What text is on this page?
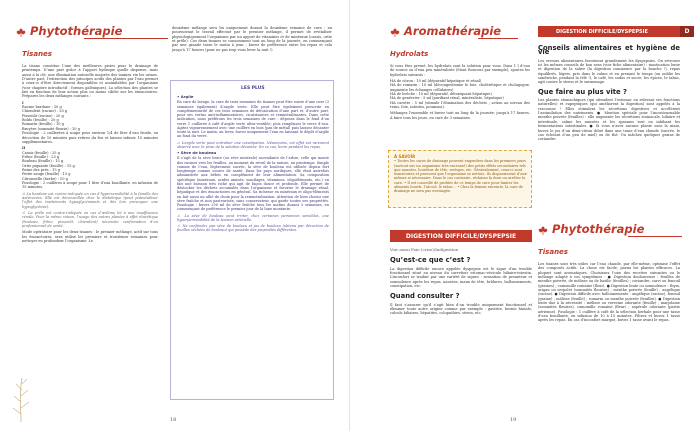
Phytothérapie
Tisanes

La tisane constitue l’une des meilleures pistes pour le drainage de printemps. D’une part grâce à l’apport hydrique quelle dispense, mais aussi à la clé, une élimination naturelle majorée des toxines via les urines. D’autre part, l’extraction des principes actifs des plantes par l’eau permet à ceux-ci d’être directement disponibles et assimilables par l’organisme (voir chapitre introductif : formes galéniques). La sélection des plantes se fait en fonction de leur action plus ou moins ciblée sur les émonctoires. Préparez les deux mélanges suivants :

I

Racine bardane : 30 g

Chiendent (racine) : 20 g

Pissenlit (racine) : 20 g

Boldo (feuille) : 20 g

Romarin (feuille) : 10 g

Bruyère (sommité fleurie) : 10 g

Posologie : 2 cuillerées à soupe pour environ 1/4 de litre d’eau froide, en décoction de 10 minutes puis retirez du feu et laissez infuser 10 minutes supplémentaires.

II

Cassis (feuille) : 25 g

Frêne (feuille) : 25 g

Bouleau (feuille) : 15 g

Ortie piquante (feuille) : 15 g

Reine des prés : 15 g

Petite sauge (feuille) : 15 g

Citronnelle (herbe) : 10 g

Posologie : 2 cuillères à soupe pour 1 litre d’eau bouillante, en infusion de 15 minutes.

⚠ La bardane est contre-indiquée en cas d’hypersensibilité à la famille des Astéracées. Elle est déconseillée chez le diabétique (peut potentialiser l’effet des traitements hypoglycémiants et dès lors provoquer une hypoglycémie).

⚠ La prêle est contre-indiquée en cas d’œdème lié à une insuffisance rénale. Pour la même raison, l’usage des autres plantes à effet diurétique (bouleau, frêne, pissenlit, chiendent) nécessite confirmation d’un professionnel de santé.

Mode opératoire pour les deux tisanes : le premier mélange, actif sur tous les émonctoires, sera utilisé les premiers et troisièmes semaines pour nettoyer en profondeur l’organisme. Le

deuxième mélange sera bu uniquement durant la deuxième semaine de cure : en poursuivant le travail effectué par le premier mélange, il permet de revitaliser physiologiquement l’organisme par un apport de vitamines et de minéraux (cassis, ortie et prêle). Ces deux tisanes se consomment tout au long de la journée, en commençant par une grande tasse le matin à jeun ; buvez de préférence entre les repas et cela jusqu’à 17 heures (pour ne pas trop vous lever la nuit !)
LES PLUS
• Argile

En cure de lavage, la cure de trois semaines de tisanes peut être suivie d’une cure (3 semaines également) d’argile verte. Elle peut être également prescrite en complémentarité de ces trois semaines de détoxication d’une part et, d’autre part, pour ses vertus anti-inflammatoires, cicatrisantes et reminéralisantes. Dans cette indication, nous préférons les trois semaines de cure : déposez dans le fond d’un verre 1 cuillerée à café d’argile verte ultra-ventilée, puis remplissez le verre d’eau. Agitez vigoureusement avec une cuillère en bois (pas de métal) puis laissez décanter toute la nuit. Le matin, au lever, buvez uniquement l’eau en laissant le dépôt d’argile au fond du verre.

⚠ L’argile verte peut entraîner une constipation. Néanmoins, cet effet est rarement observé avec la prise de la solution décantée. En ce cas, boire pendant les repas.

• Sève de bouleau

Il s’agit de la sève brute (ou sève minérale) ascendante de l’arbre, celle qui monte des racines vers les feuilles, au moment du réveil de la nature, au printemps. Simple comme de l’eau, légèrement sucrée, la sève de bouleau est utilisée depuis fort longtemps comme source de santé. Dans les pays nordiques, elle était autrefois administrée aux bébés en complément de leur alimentation. Sa composition spécifique (minéraux, acides aminés, mucilages, vitamines, oligoéléments, etc.) en fait une boisson très riche qui agit de façon douce et profonde. Elle permet de déstocker les déchets accumulés dans l’organisme et favorise le drainage rénal, hépatique et des émonctoires en général. Sa richesse en minéraux et oligo-éléments en fait aussi un allié de choix pour la reminéralisation. Attention de bien choisir une sève fraîche et non pasteurisée, sans conservateur, qui garde toutes ses propriétés. Posologie : buvez 250 ml de sève fraîche tous les matins durant 3 semaines, en commençant de préférence le premier jour de la lune montante.

⚠ La sève de bouleau peut irriter, chez certaines personnes sensibles, une hyperperméabilité de la tension artérielle.

⚠ Ne confondez pas sève de bouleau et jus de bouleau (obtenu par décoction de feuilles séchées de bouleau) qui possède des propriétés différentes.

18
Aromathérapie	DIGESTION DIFFICILE/DYSPEPSIE	D
Hydrolats

Si vous êtes pressé, les hydrolats sont la solution pour vous. Dans 1 l d’eau de source ou d’eau peu minéralisée (Mont Roucous par exemple), ajoutez les hydrolats suivants :

HA de citron : 10 ml (dépuratif hépatique et rénal)

HA de romarin : 10 ml (décongestionne le foie, cholérétique et cholagogue, augmente les échanges cellulaires)

HA de livèche : 10 ml (dépuratif, détoxiquant hépatique)

HA de genévrier : 5 ml (purifiant rénal, minéraliste, hépatique)

HA carotte : 5 ml (stimule l’élimination des déchets ; action au niveau des reins, foie, intestin, poumons).

Mélangez l’ensemble et buvez tout au long de la journée, jusqu’à 17 heures. À faire tous les jours, en cure de 3 semaines.

À SAVOIR
• Toutes les cures de drainage peuvent engendrer dans les premiers jours (surtout sur un organisme très encrassé) des petits effets secondaires tels que nausées, lourdeur de tête, vertiges, etc. Généralement, ceux-ci sont transitoires et prouvent que l’organisme se nettoie. Ils disparaissent d’eux-mêmes si nécessaire. Dans le cas contraire, réduisez la dose ou arrêtez la cure. • Il est conseillé de profiter de ce temps de cure pour limiter les aliments lourds, l’alcool, le tabac... • Chez la femme enceinte, la cure de drainage ne sera pas envisagée.
DIGESTION DIFFICILE/DYSPEPSIE

Voir aussi Foie (crise)/Indigestion

Qu’est-ce que c’est ?

La digestion difficile encore appelée dyspepsie est le signe d’un trouble fonctionnel situé au niveau du carrefour estomac-vésicule biliaire-intestin. L’inconfort se traduit par une variété de signes : sensation de pesanteur et somnolence après les repas, nausées, maux de tête, brûlures, ballonnements, constipation, etc.

Quand consulter ?

Il faut s’assurer qu’il s’agit bien d’un trouble uniquement fonctionnel et éliminer toute autre origine comme par exemple : gastrite, hernie hiatale, calculs biliaires, hépatites, colopathies, stress, etc.

Conseils alimentaires et hygiène de vie

Les erreurs alimentaires favorisent grandement les dyspepsies. On retrouve ici les mêmes conseils de bon sens (voir fiche alimentaire) : mastication lente et digestion de la salive (la digestion commence par la bouche !), repas équilibrés, légers, pris dans le calme et en prenant le temps (on oublie les sandwichs, pendant la télé !), le café, les sodas et sucre, les épices, le tabac, agit contre le stress et le surmenage.

Que faire au plus vite ?

Les plantes stomachiques (qui stimulent l’estomac en relevant ses fonctions naturelles) et eupeptiques (qui améliorent la digestion) sont appelés à la rescousse ! Elles stimulent les sécrétions digestives et accélèrent l’assimilation des nutriments. ● Mention spéciale pour l’incontournable menthe poivrée (feuilles) : elle augmente les sécrétions stomacale, biliaire et intestinale, calme les nausées et les spasmes tout en inhibant les fermentations intestinales. ● Si vous n’avez aucune plante sous la main, buvez le jus d’un demi-citron dilué dans une tasse d’eau chaude (sucrée, le cas échéant d’un peu de miel) ou de thé. Ou mâchez quelques grains de coriandre.

Phytothérapie
Tisanes

Les tisanes sont très utiles car l’eau chaude, par elle-même, optimise l’effet des composés actifs. La chose est facile, parmi les plantes efficaces. La plupart sont aromatiques. Choisissez l’une des recettes suivantes ou le mélange adapté à vos symptômes : ● Digestion douloureuse : feuilles de menthe poivrée, de mélisse ou de basilic (feuilles) ; coriandre, carvi ou fenouil (graines) ; camomille romaine (fleur). ● Digestion lente ou somnolence : thym, origan ou serpolet (sommités fleuries) ; menthe poivrée (feuille) ; angélique (racine). ● Digestion difficile avec ballonnements : angélique (racine), fenouil (graine) ; mélisse (feuille) ; romarin ou menthe poivrée (feuilles). ● Digestion lente due à la nécessité : mélisse ou verveine odorante (feuille) ; marjolaine (sommités fleuries), camomille romaine (fleur) ; aspérule odorante (partie aérienne). Posologie : 1 cuillère à café de la sélection herbale pour une tasse d’eau bouillante, en infusion de 10 à 15 minutes. Filtrez et buvez 1 tasse après les repas. En cas d’inconfort marqué, buvez 1 tasse avant le repas.

19
